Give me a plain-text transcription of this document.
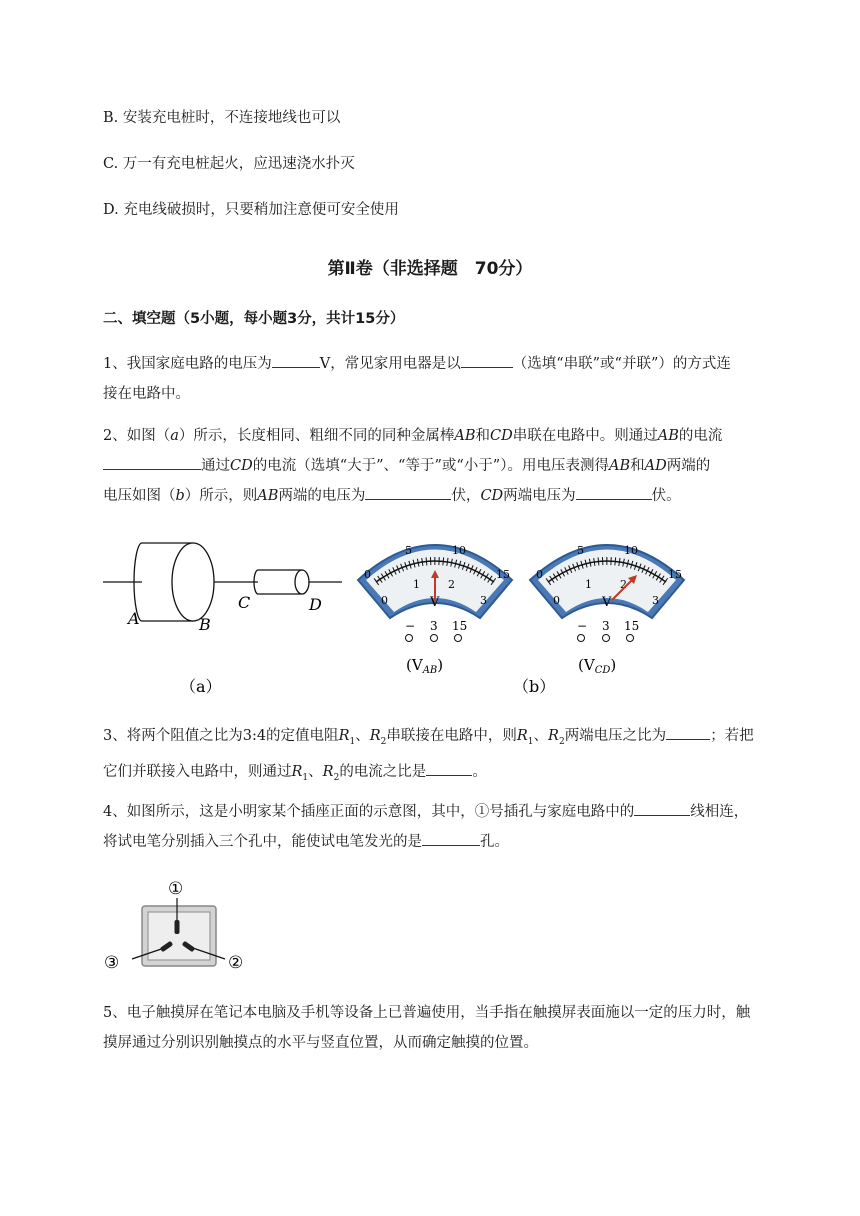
B. 安装充电桩时，不连接地线也可以
C. 万一有充电桩起火，应迅速浇水扑灭
D. 充电线破损时，只要稍加注意便可安全使用
第Ⅱ卷（非选择题　70分）
二、填空题（5小题，每小题3分，共计15分）
1、我国家庭电路的电压为	V，常见家用电器是以	（选填“串联”或“并联”）的方式连
接在电路中。
2、如图（a）所示，长度相同、粗细不同的同种金属棒AB和CD串联在电路中。则通过AB的电流
通过CD的电流（选填“大于”、“等于”或“小于”）。用电压表测得AB和AD两端的
电压如图（b）所示，则AB两端的电压为	伏，CD两端电压为	伏。
A	B
C	D
（a）	（b）
0
5	10
15
0
1	2
3
V
− 3 15
$(V_{AB})$
0
5	10
15
0
1	2
3
V
− 3 15
$(V_{CD})$
3、将两个阻值之比为3:4的定值电阻$R_1$、$R_2$串联接在电路中，则$R_1$、$R_2$两端电压之比为	；若把
它们并联接入电路中，则通过$R_1$、$R_2$的电流之比是	。
4、如图所示，这是小明家某个插座正面的示意图，其中，①号插孔与家庭电路中的	线相连，
将试电笔分别插入三个孔中，能使试电笔发光的是	孔。
①
③	②
5、电子触摸屏在笔记本电脑及手机等设备上已普遍使用，当手指在触摸屏表面施以一定的压力时，触
摸屏通过分别识别触摸点的水平与竖直位置，从而确定触摸的位置。
